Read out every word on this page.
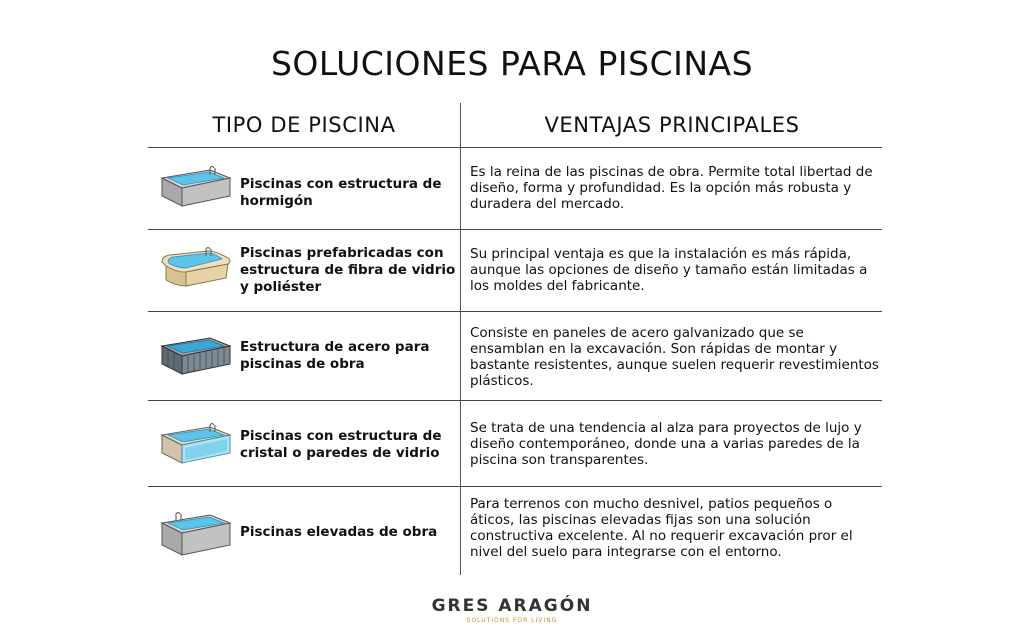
SOLUCIONES PARA PISCINAS
TIPO DE PISCINA	VENTAJAS PRINCIPALES
Piscinas con estructura de hormigón
Es la reina de las piscinas de obra. Permite total libertad de diseño, forma y profundidad. Es la opción más robusta y duradera del mercado.
Piscinas prefabricadas con estructura de fibra de vidrio y poliéster
Su principal ventaja es que la instalación es más rápida, aunque las opciones de diseño y tamaño están limitadas a los moldes del fabricante.
Estructura de acero para piscinas de obra
Consiste en paneles de acero galvanizado que se ensamblan en la excavación. Son rápidas de montar y bastante resistentes, aunque suelen requerir revestimientos plásticos.
Piscinas con estructura de cristal o paredes de vidrio
Se trata de una tendencia al alza para proyectos de lujo y diseño contemporáneo, donde una a varias paredes de la piscina son transparentes.
Piscinas elevadas de obra
Para terrenos con mucho desnivel, patios pequeños o áticos, las piscinas elevadas fijas son una solución constructiva excelente. Al no requerir excavación pror el nivel del suelo para integrarse con el entorno.
GRES ARAGÓN
SOLUTIONS FOR LIVING
